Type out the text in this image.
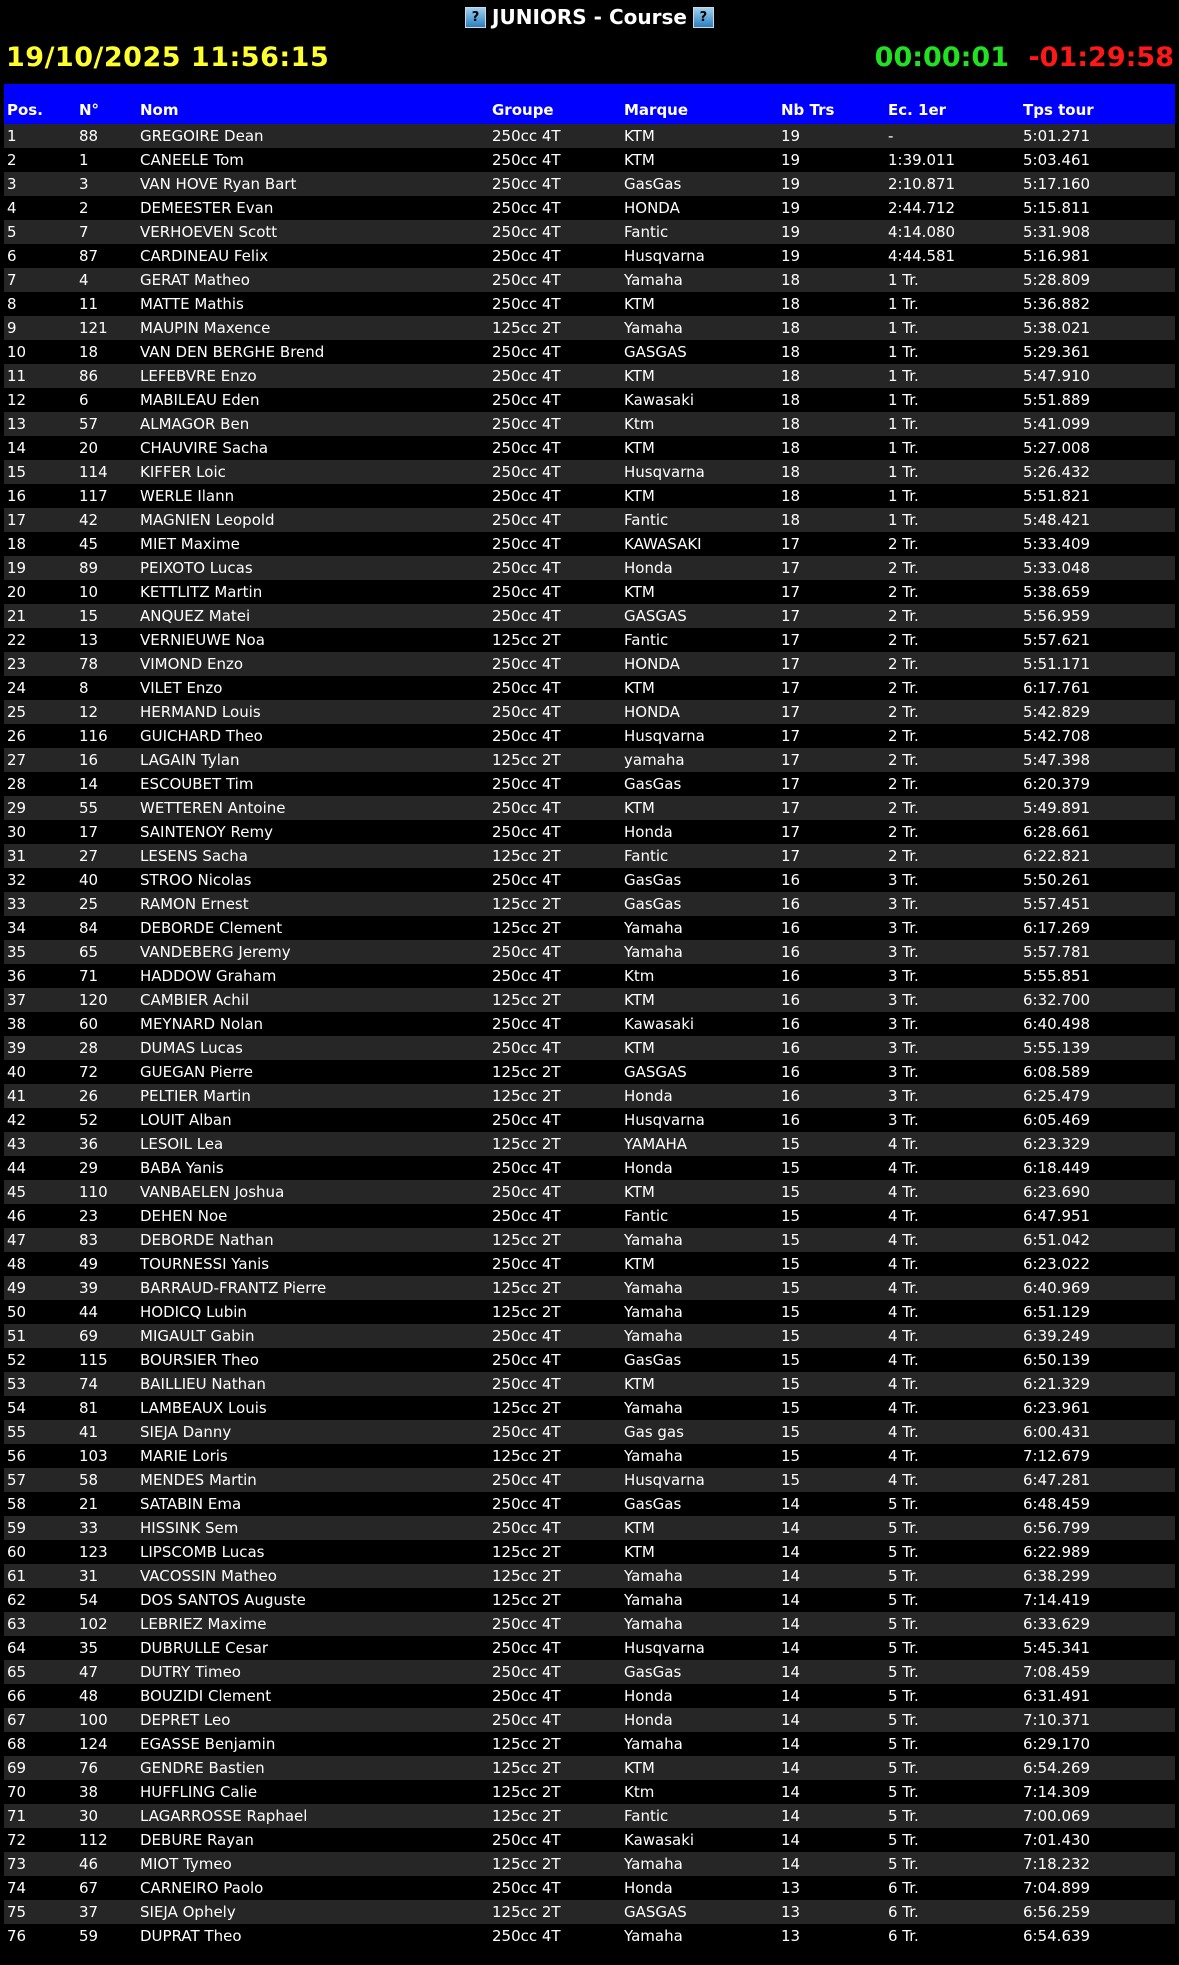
? JUNIORS - Course ?
19/10/2025 11:56:15	00:00:01 -01:29:58
Pos.	N°	Nom	Groupe	Marque	Nb Trs	Ec. 1er	Tps tour
1	88	GREGOIRE Dean	250cc 4T	KTM	19	-	5:01.271
2	1	CANEELE Tom	250cc 4T	KTM	19	1:39.011	5:03.461
3	3	VAN HOVE Ryan Bart	250cc 4T	GasGas	19	2:10.871	5:17.160
4	2	DEMEESTER Evan	250cc 4T	HONDA	19	2:44.712	5:15.811
5	7	VERHOEVEN Scott	250cc 4T	Fantic	19	4:14.080	5:31.908
6	87	CARDINEAU Felix	250cc 4T	Husqvarna	19	4:44.581	5:16.981
7	4	GERAT Matheo	250cc 4T	Yamaha	18	1 Tr.	5:28.809
8	11	MATTE Mathis	250cc 4T	KTM	18	1 Tr.	5:36.882
9	121	MAUPIN Maxence	125cc 2T	Yamaha	18	1 Tr.	5:38.021
10	18	VAN DEN BERGHE Brend	250cc 4T	GASGAS	18	1 Tr.	5:29.361
11	86	LEFEBVRE Enzo	250cc 4T	KTM	18	1 Tr.	5:47.910
12	6	MABILEAU Eden	250cc 4T	Kawasaki	18	1 Tr.	5:51.889
13	57	ALMAGOR Ben	250cc 4T	Ktm	18	1 Tr.	5:41.099
14	20	CHAUVIRE Sacha	250cc 4T	KTM	18	1 Tr.	5:27.008
15	114	KIFFER Loic	250cc 4T	Husqvarna	18	1 Tr.	5:26.432
16	117	WERLE Ilann	250cc 4T	KTM	18	1 Tr.	5:51.821
17	42	MAGNIEN Leopold	250cc 4T	Fantic	18	1 Tr.	5:48.421
18	45	MIET Maxime	250cc 4T	KAWASAKI	17	2 Tr.	5:33.409
19	89	PEIXOTO Lucas	250cc 4T	Honda	17	2 Tr.	5:33.048
20	10	KETTLITZ Martin	250cc 4T	KTM	17	2 Tr.	5:38.659
21	15	ANQUEZ Matei	250cc 4T	GASGAS	17	2 Tr.	5:56.959
22	13	VERNIEUWE Noa	125cc 2T	Fantic	17	2 Tr.	5:57.621
23	78	VIMOND Enzo	250cc 4T	HONDA	17	2 Tr.	5:51.171
24	8	VILET Enzo	250cc 4T	KTM	17	2 Tr.	6:17.761
25	12	HERMAND Louis	250cc 4T	HONDA	17	2 Tr.	5:42.829
26	116	GUICHARD Theo	250cc 4T	Husqvarna	17	2 Tr.	5:42.708
27	16	LAGAIN Tylan	125cc 2T	yamaha	17	2 Tr.	5:47.398
28	14	ESCOUBET Tim	250cc 4T	GasGas	17	2 Tr.	6:20.379
29	55	WETTEREN Antoine	250cc 4T	KTM	17	2 Tr.	5:49.891
30	17	SAINTENOY Remy	250cc 4T	Honda	17	2 Tr.	6:28.661
31	27	LESENS Sacha	125cc 2T	Fantic	17	2 Tr.	6:22.821
32	40	STROO Nicolas	250cc 4T	GasGas	16	3 Tr.	5:50.261
33	25	RAMON Ernest	125cc 2T	GasGas	16	3 Tr.	5:57.451
34	84	DEBORDE Clement	125cc 2T	Yamaha	16	3 Tr.	6:17.269
35	65	VANDEBERG Jeremy	250cc 4T	Yamaha	16	3 Tr.	5:57.781
36	71	HADDOW Graham	250cc 4T	Ktm	16	3 Tr.	5:55.851
37	120	CAMBIER Achil	125cc 2T	KTM	16	3 Tr.	6:32.700
38	60	MEYNARD Nolan	250cc 4T	Kawasaki	16	3 Tr.	6:40.498
39	28	DUMAS Lucas	250cc 4T	KTM	16	3 Tr.	5:55.139
40	72	GUEGAN Pierre	125cc 2T	GASGAS	16	3 Tr.	6:08.589
41	26	PELTIER Martin	125cc 2T	Honda	16	3 Tr.	6:25.479
42	52	LOUIT Alban	250cc 4T	Husqvarna	16	3 Tr.	6:05.469
43	36	LESOIL Lea	125cc 2T	YAMAHA	15	4 Tr.	6:23.329
44	29	BABA Yanis	250cc 4T	Honda	15	4 Tr.	6:18.449
45	110	VANBAELEN Joshua	250cc 4T	KTM	15	4 Tr.	6:23.690
46	23	DEHEN Noe	250cc 4T	Fantic	15	4 Tr.	6:47.951
47	83	DEBORDE Nathan	125cc 2T	Yamaha	15	4 Tr.	6:51.042
48	49	TOURNESSI Yanis	250cc 4T	KTM	15	4 Tr.	6:23.022
49	39	BARRAUD-FRANTZ Pierre	125cc 2T	Yamaha	15	4 Tr.	6:40.969
50	44	HODICQ Lubin	125cc 2T	Yamaha	15	4 Tr.	6:51.129
51	69	MIGAULT Gabin	250cc 4T	Yamaha	15	4 Tr.	6:39.249
52	115	BOURSIER Theo	250cc 4T	GasGas	15	4 Tr.	6:50.139
53	74	BAILLIEU Nathan	250cc 4T	KTM	15	4 Tr.	6:21.329
54	81	LAMBEAUX Louis	125cc 2T	Yamaha	15	4 Tr.	6:23.961
55	41	SIEJA Danny	250cc 4T	Gas gas	15	4 Tr.	6:00.431
56	103	MARIE Loris	125cc 2T	Yamaha	15	4 Tr.	7:12.679
57	58	MENDES Martin	250cc 4T	Husqvarna	15	4 Tr.	6:47.281
58	21	SATABIN Ema	250cc 4T	GasGas	14	5 Tr.	6:48.459
59	33	HISSINK Sem	250cc 4T	KTM	14	5 Tr.	6:56.799
60	123	LIPSCOMB Lucas	125cc 2T	KTM	14	5 Tr.	6:22.989
61	31	VACOSSIN Matheo	125cc 2T	Yamaha	14	5 Tr.	6:38.299
62	54	DOS SANTOS Auguste	125cc 2T	Yamaha	14	5 Tr.	7:14.419
63	102	LEBRIEZ Maxime	250cc 4T	Yamaha	14	5 Tr.	6:33.629
64	35	DUBRULLE Cesar	250cc 4T	Husqvarna	14	5 Tr.	5:45.341
65	47	DUTRY Timeo	250cc 4T	GasGas	14	5 Tr.	7:08.459
66	48	BOUZIDI Clement	250cc 4T	Honda	14	5 Tr.	6:31.491
67	100	DEPRET Leo	250cc 4T	Honda	14	5 Tr.	7:10.371
68	124	EGASSE Benjamin	125cc 2T	Yamaha	14	5 Tr.	6:29.170
69	76	GENDRE Bastien	125cc 2T	KTM	14	5 Tr.	6:54.269
70	38	HUFFLING Calie	125cc 2T	Ktm	14	5 Tr.	7:14.309
71	30	LAGARROSSE Raphael	125cc 2T	Fantic	14	5 Tr.	7:00.069
72	112	DEBURE Rayan	250cc 4T	Kawasaki	14	5 Tr.	7:01.430
73	46	MIOT Tymeo	125cc 2T	Yamaha	14	5 Tr.	7:18.232
74	67	CARNEIRO Paolo	250cc 4T	Honda	13	6 Tr.	7:04.899
75	37	SIEJA Ophely	125cc 2T	GASGAS	13	6 Tr.	6:56.259
76	59	DUPRAT Theo	250cc 4T	Yamaha	13	6 Tr.	6:54.639
